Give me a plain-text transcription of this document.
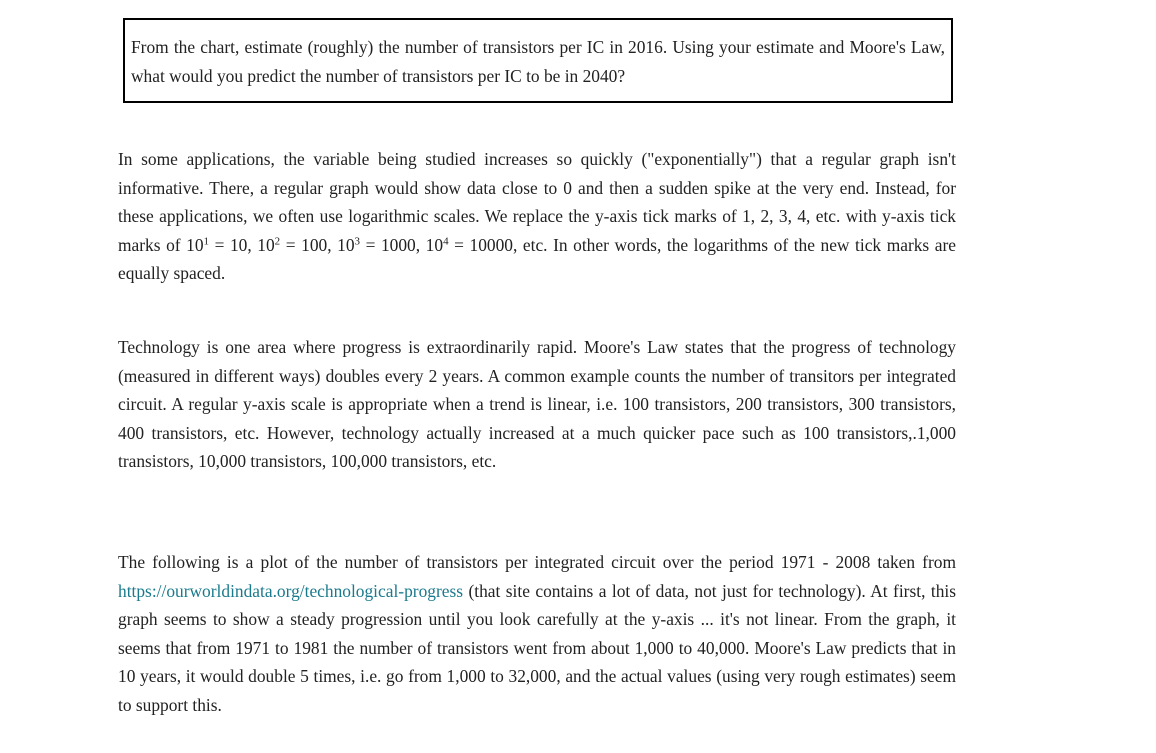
From the chart, estimate (roughly) the number of transistors per IC in 2016. Using your estimate and Moore's Law, what would you predict the number of transistors per IC to be in 2040?

In some applications, the variable being studied increases so quickly ("exponentially") that a regular graph isn't informative. There, a regular graph would show data close to 0 and then a sudden spike at the very end. Instead, for these applications, we often use logarithmic scales. We replace the y-axis tick marks of 1, 2, 3, 4, etc. with y-axis tick marks of $10^1 = 10$, $10^2 = 100$, $10^3 = 1000$, $10^4 = 10000$, etc. In other words, the logarithms of the new tick marks are equally spaced.

Technology is one area where progress is extraordinarily rapid. Moore's Law states that the progress of technology (measured in different ways) doubles every 2 years. A common example counts the number of transitors per integrated circuit. A regular y-axis scale is appropriate when a trend is linear, i.e. 100 transistors, 200 transistors, 300 transistors, 400 transistors, etc. However, technology actually increased at a much quicker pace such as 100 transistors,.1,000 transistors, 10,000 transistors, 100,000 transistors, etc.

The following is a plot of the number of transistors per integrated circuit over the period 1971 - 2008 taken from https://ourworldindata.org/technological-progress (that site contains a lot of data, not just for technology). At first, this graph seems to show a steady progression until you look carefully at the y-axis ... it's not linear. From the graph, it seems that from 1971 to 1981 the number of transistors went from about 1,000 to 40,000. Moore's Law predicts that in 10 years, it would double 5 times, i.e. go from 1,000 to 32,000, and the actual values (using very rough estimates) seem to support this.
